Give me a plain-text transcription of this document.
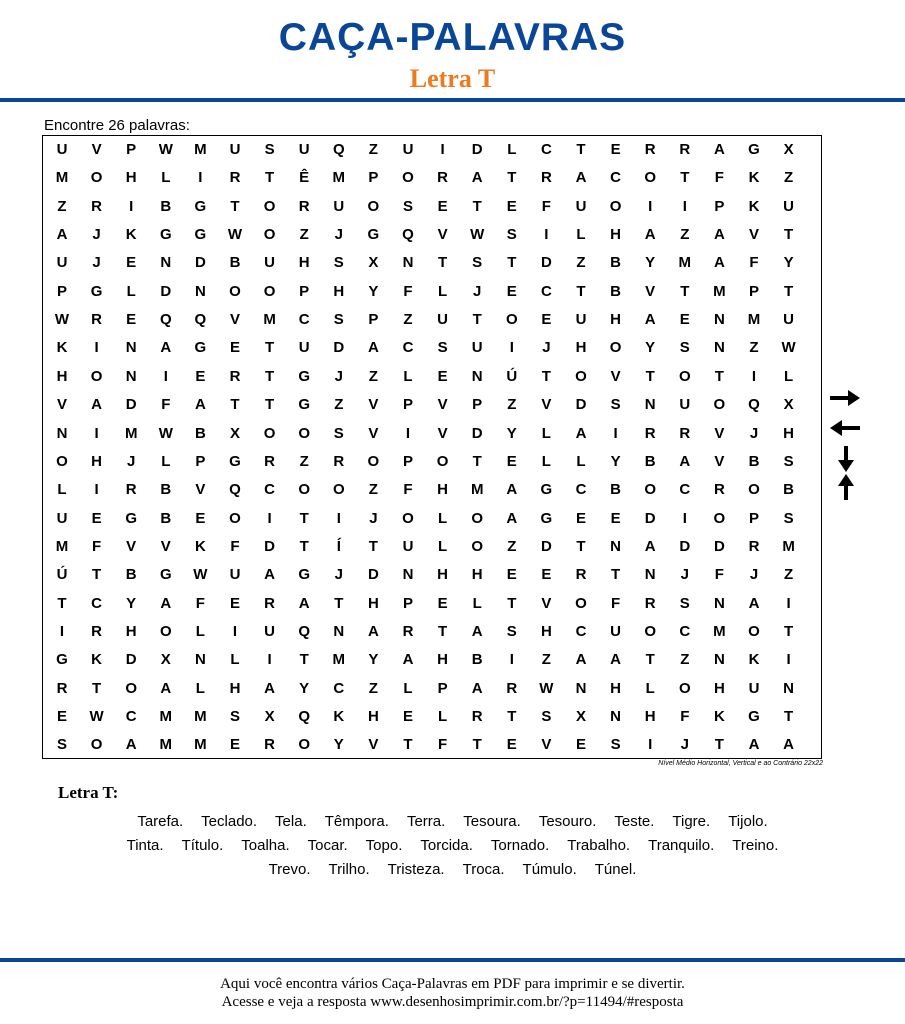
CAÇA-PALAVRAS
Letra T
Encontre 26 palavras:
U	V	P	W	M	U	S	U	Q	Z	U	I	D	L	C	T	E	R	R	A	G	X
M	O	H	L	I	R	T	Ê	M	P	O	R	A	T	R	A	C	O	T	F	K	Z
Z	R	I	B	G	T	O	R	U	O	S	E	T	E	F	U	O	I	I	P	K	U
A	J	K	G	G	W	O	Z	J	G	Q	V	W	S	I	L	H	A	Z	A	V	T
U	J	E	N	D	B	U	H	S	X	N	T	S	T	D	Z	B	Y	M	A	F	Y
P	G	L	D	N	O	O	P	H	Y	F	L	J	E	C	T	B	V	T	M	P	T
W	R	E	Q	Q	V	M	C	S	P	Z	U	T	O	E	U	H	A	E	N	M	U
K	I	N	A	G	E	T	U	D	A	C	S	U	I	J	H	O	Y	S	N	Z	W
H	O	N	I	E	R	T	G	J	Z	L	E	N	Ú	T	O	V	T	O	T	I	L
V	A	D	F	A	T	T	G	Z	V	P	V	P	Z	V	D	S	N	U	O	Q	X
N	I	M	W	B	X	O	O	S	V	I	V	D	Y	L	A	I	R	R	V	J	H
O	H	J	L	P	G	R	Z	R	O	P	O	T	E	L	L	Y	B	A	V	B	S
L	I	R	B	V	Q	C	O	O	Z	F	H	M	A	G	C	B	O	C	R	O	B
U	E	G	B	E	O	I	T	I	J	O	L	O	A	G	E	E	D	I	O	P	S
M	F	V	V	K	F	D	T	Í	T	U	L	O	Z	D	T	N	A	D	D	R	M
Ú	T	B	G	W	U	A	G	J	D	N	H	H	E	E	R	T	N	J	F	J	Z
T	C	Y	A	F	E	R	A	T	H	P	E	L	T	V	O	F	R	S	N	A	I
I	R	H	O	L	I	U	Q	N	A	R	T	A	S	H	C	U	O	C	M	O	T
G	K	D	X	N	L	I	T	M	Y	A	H	B	I	Z	A	A	T	Z	N	K	I
R	T	O	A	L	H	A	Y	C	Z	L	P	A	R	W	N	H	L	O	H	U	N
E	W	C	M	M	S	X	Q	K	H	E	L	R	T	S	X	N	H	F	K	G	T
S	O	A	M	M	E	R	O	Y	V	T	F	T	E	V	E	S	I	J	T	A	A
Nível Médio Horizontal, Vertical e ao Contrário 22x22
Letra T:
Tarefa. Teclado. Tela. Têmpora. Terra. Tesoura. Tesouro. Teste. Tigre. Tijolo.
Tinta. Título. Toalha. Tocar. Topo. Torcida. Tornado. Trabalho. Tranquilo. Treino.
Trevo. Trilho. Tristeza. Troca. Túmulo. Túnel.
Aqui você encontra vários Caça-Palavras em PDF para imprimir e se divertir.
Acesse e veja a resposta www.desenhosimprimir.com.br/?p=11494/#resposta
